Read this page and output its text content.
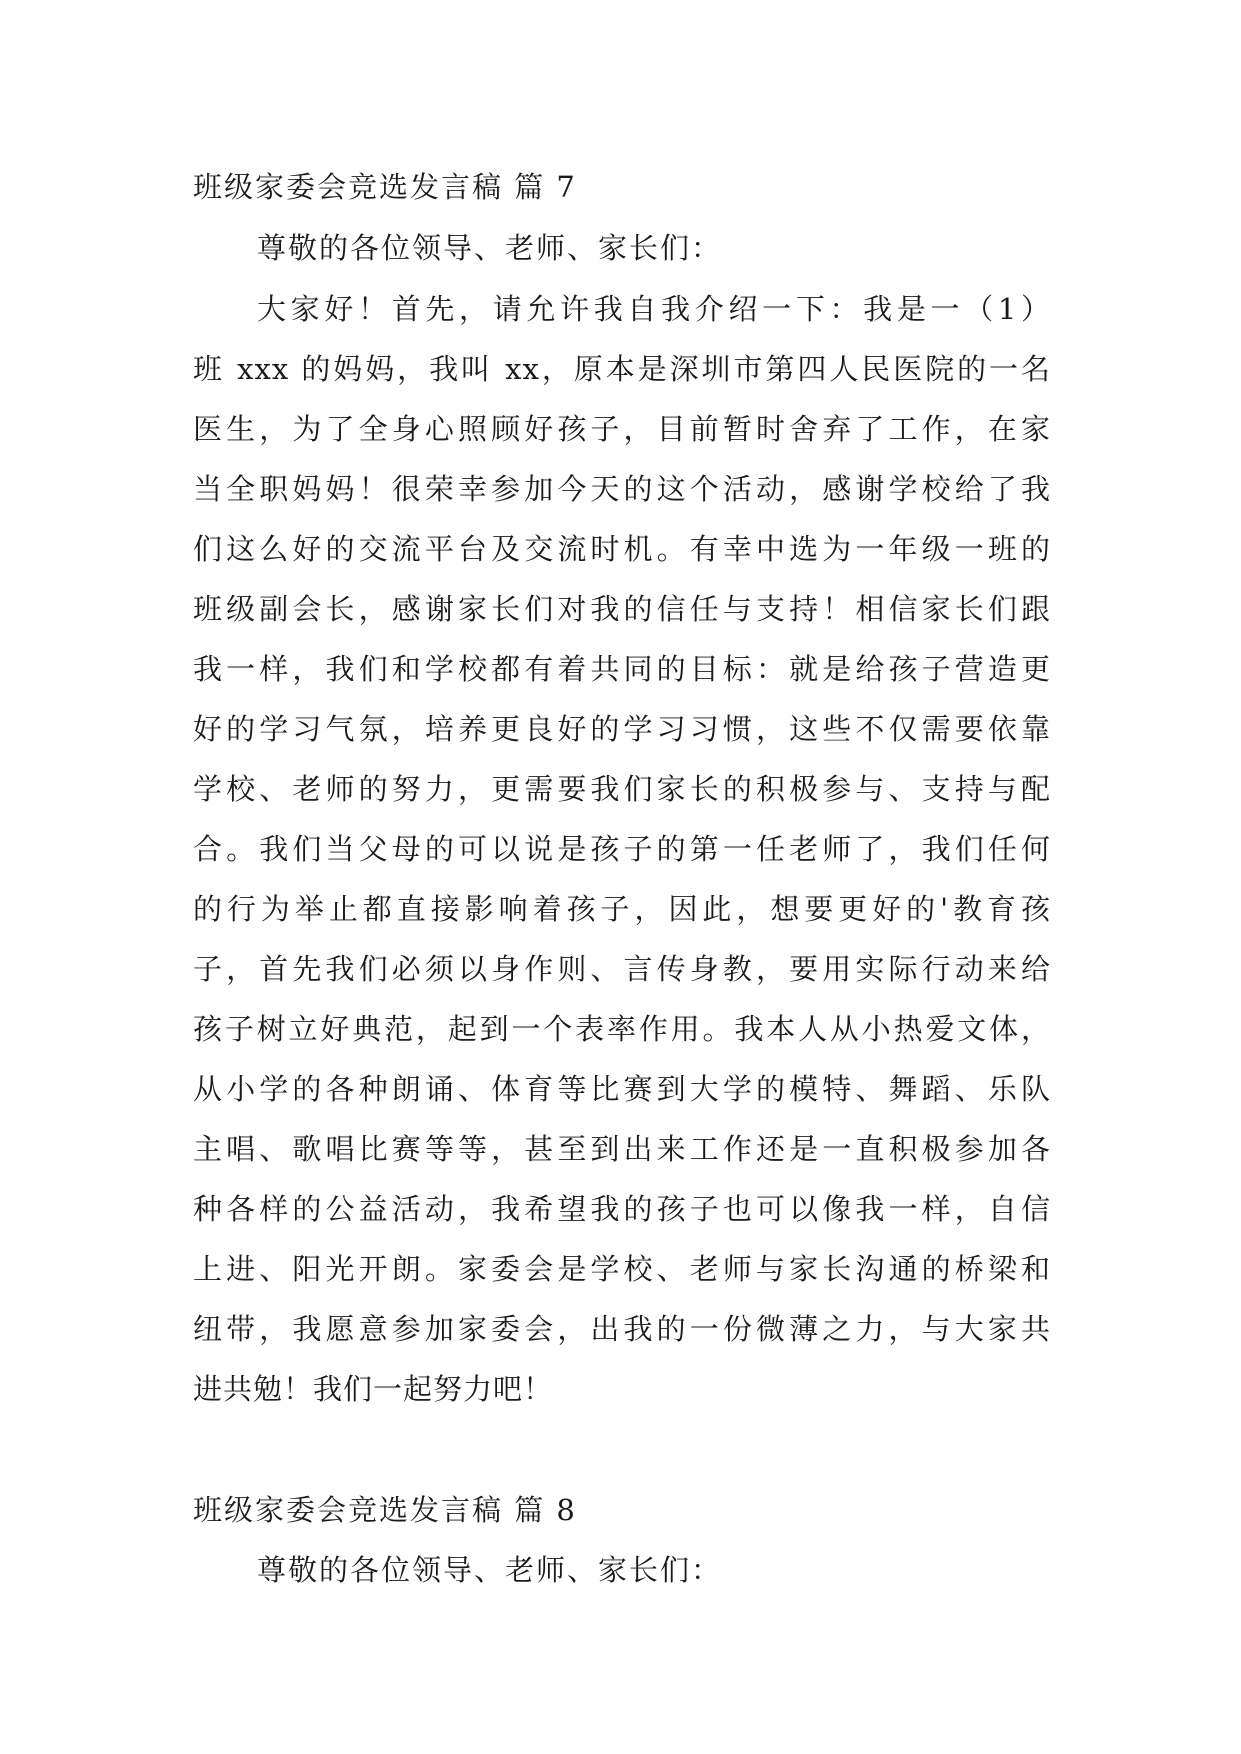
班级家委会竞选发言稿 篇 7
尊敬的各位领导、老师、家长们：
大家好！首先，请允许我自我介绍一下：我是一（1）
班 xxx 的妈妈，我叫 xx，原本是深圳市第四人民医院的一名
医生，为了全身心照顾好孩子，目前暂时舍弃了工作，在家
当全职妈妈！很荣幸参加今天的这个活动，感谢学校给了我
们这么好的交流平台及交流时机。有幸中选为一年级一班的
班级副会长，感谢家长们对我的信任与支持！相信家长们跟
我一样，我们和学校都有着共同的目标：就是给孩子营造更
好的学习气氛，培养更良好的学习习惯，这些不仅需要依靠
学校、老师的努力，更需要我们家长的积极参与、支持与配
合。我们当父母的可以说是孩子的第一任老师了，我们任何
的行为举止都直接影响着孩子，因此，想要更好的'教育孩
子，首先我们必须以身作则、言传身教，要用实际行动来给
孩子树立好典范，起到一个表率作用。我本人从小热爱文体，
从小学的各种朗诵、体育等比赛到大学的模特、舞蹈、乐队
主唱、歌唱比赛等等，甚至到出来工作还是一直积极参加各
种各样的公益活动，我希望我的孩子也可以像我一样，自信
上进、阳光开朗。家委会是学校、老师与家长沟通的桥梁和
纽带，我愿意参加家委会，出我的一份微薄之力，与大家共
进共勉！我们一起努力吧！
班级家委会竞选发言稿 篇 8
尊敬的各位领导、老师、家长们：
